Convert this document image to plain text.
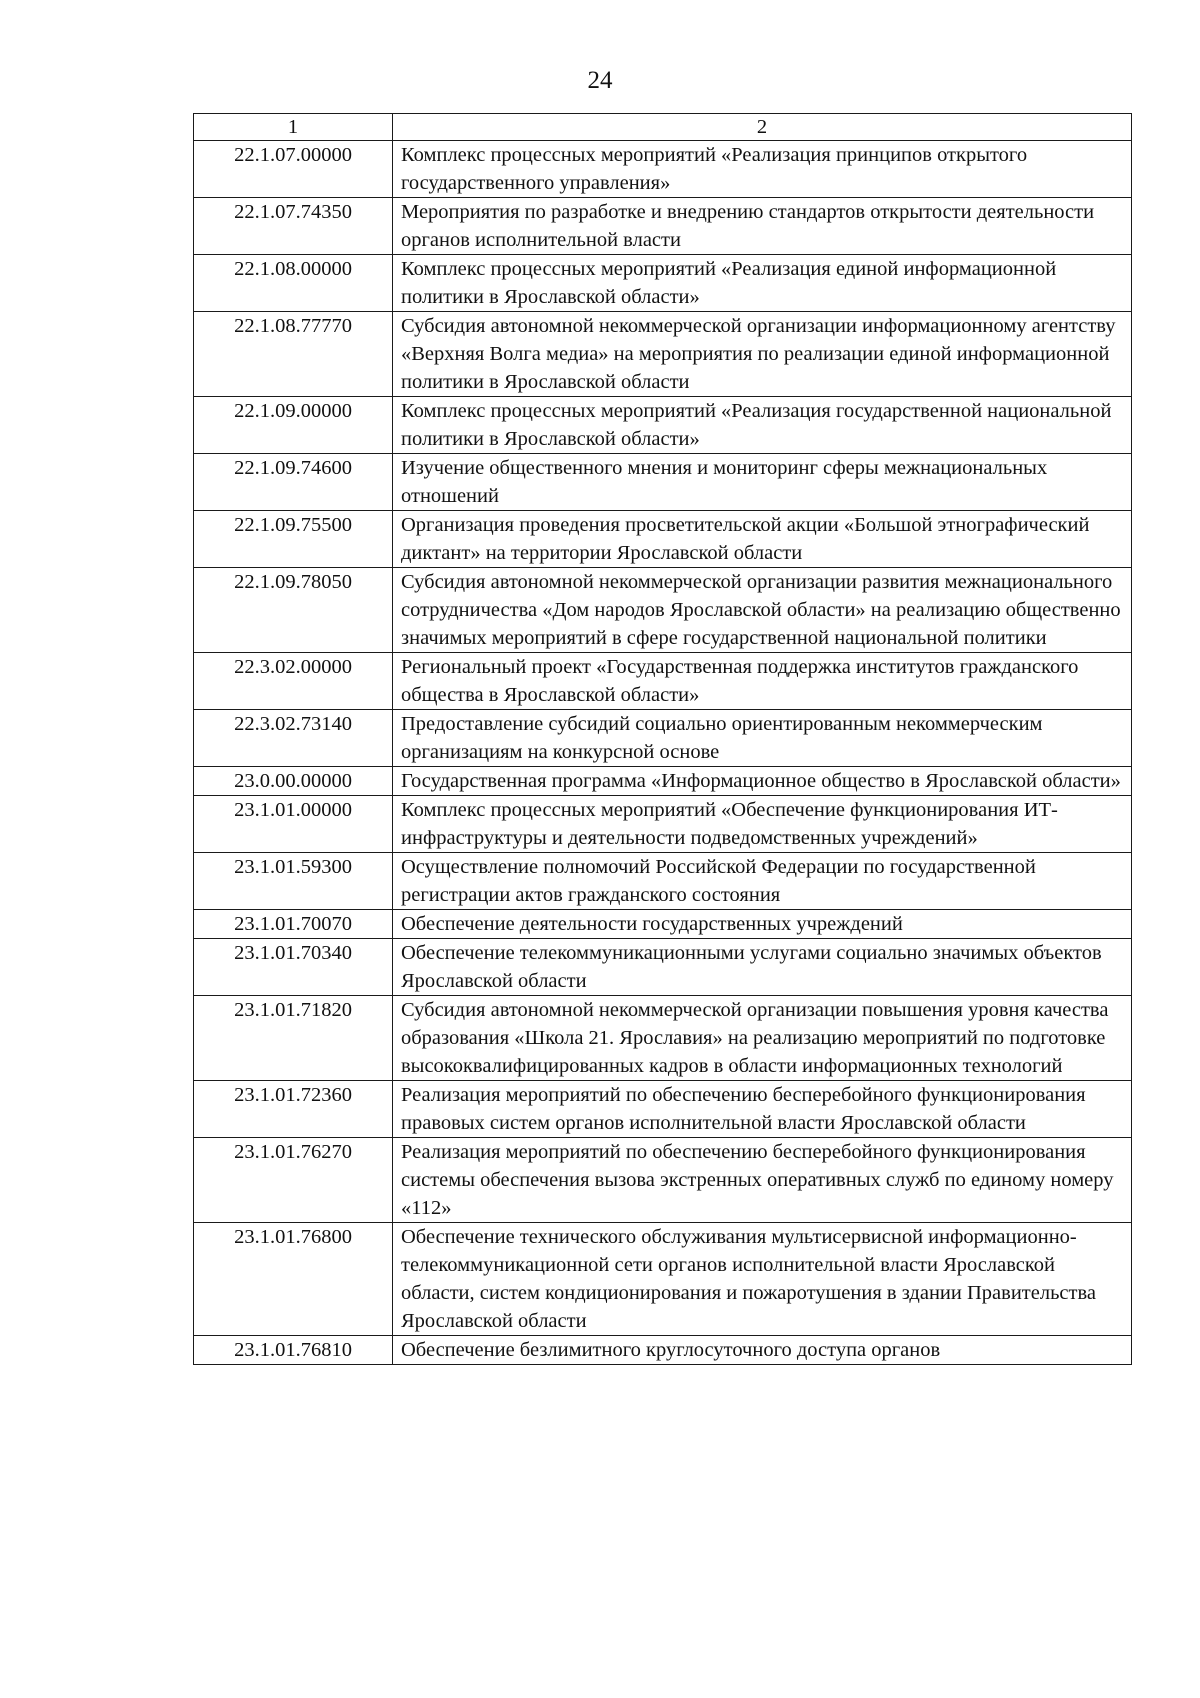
24
1	2
22.1.07.00000	Комплекс процессных мероприятий «Реализация принципов открытого государственного управления»
22.1.07.74350	Мероприятия по разработке и внедрению стандартов открытости деятельности органов исполнительной власти
22.1.08.00000	Комплекс процессных мероприятий «Реализация единой информационной политики в Ярославской области»
22.1.08.77770	Субсидия автономной некоммерческой организации информационному агентству «Верхняя Волга медиа» на мероприятия по реализации единой информационной политики в Ярославской области
22.1.09.00000	Комплекс процессных мероприятий «Реализация государственной национальной политики в Ярославской области»
22.1.09.74600	Изучение общественного мнения и мониторинг сферы межнациональных отношений
22.1.09.75500	Организация проведения просветительской акции «Большой этнографический диктант» на территории Ярославской области
22.1.09.78050	Субсидия автономной некоммерческой организации развития межнационального сотрудничества «Дом народов Ярославской области» на реализацию общественно значимых мероприятий в сфере государственной национальной политики
22.3.02.00000	Региональный проект «Государственная поддержка институтов гражданского общества в Ярославской области»
22.3.02.73140	Предоставление субсидий социально ориентированным некоммерческим организациям на конкурсной основе
23.0.00.00000	Государственная программа «Информационное общество в Ярославской области»
23.1.01.00000	Комплекс процессных мероприятий «Обеспечение функционирования ИТ-инфраструктуры и деятельности подведомственных учреждений»
23.1.01.59300	Осуществление полномочий Российской Федерации по государственной регистрации актов гражданского состояния
23.1.01.70070	Обеспечение деятельности государственных учреждений
23.1.01.70340	Обеспечение телекоммуникационными услугами социально значимых объектов Ярославской области
23.1.01.71820	Субсидия автономной некоммерческой организации повышения уровня качества образования «Школа 21. Ярославия» на реализацию мероприятий по подготовке высококвалифицированных кадров в области информационных технологий
23.1.01.72360	Реализация мероприятий по обеспечению бесперебойного функционирования правовых систем органов исполнительной власти Ярославской области
23.1.01.76270	Реализация мероприятий по обеспечению бесперебойного функционирования системы обеспечения вызова экстренных оперативных служб по единому номеру «112»
23.1.01.76800	Обеспечение технического обслуживания мультисервисной информационно-телекоммуникационной сети органов исполнительной власти Ярославской области, систем кондиционирования и пожаротушения в здании Правительства Ярославской области
23.1.01.76810	Обеспечение безлимитного круглосуточного доступа органов
